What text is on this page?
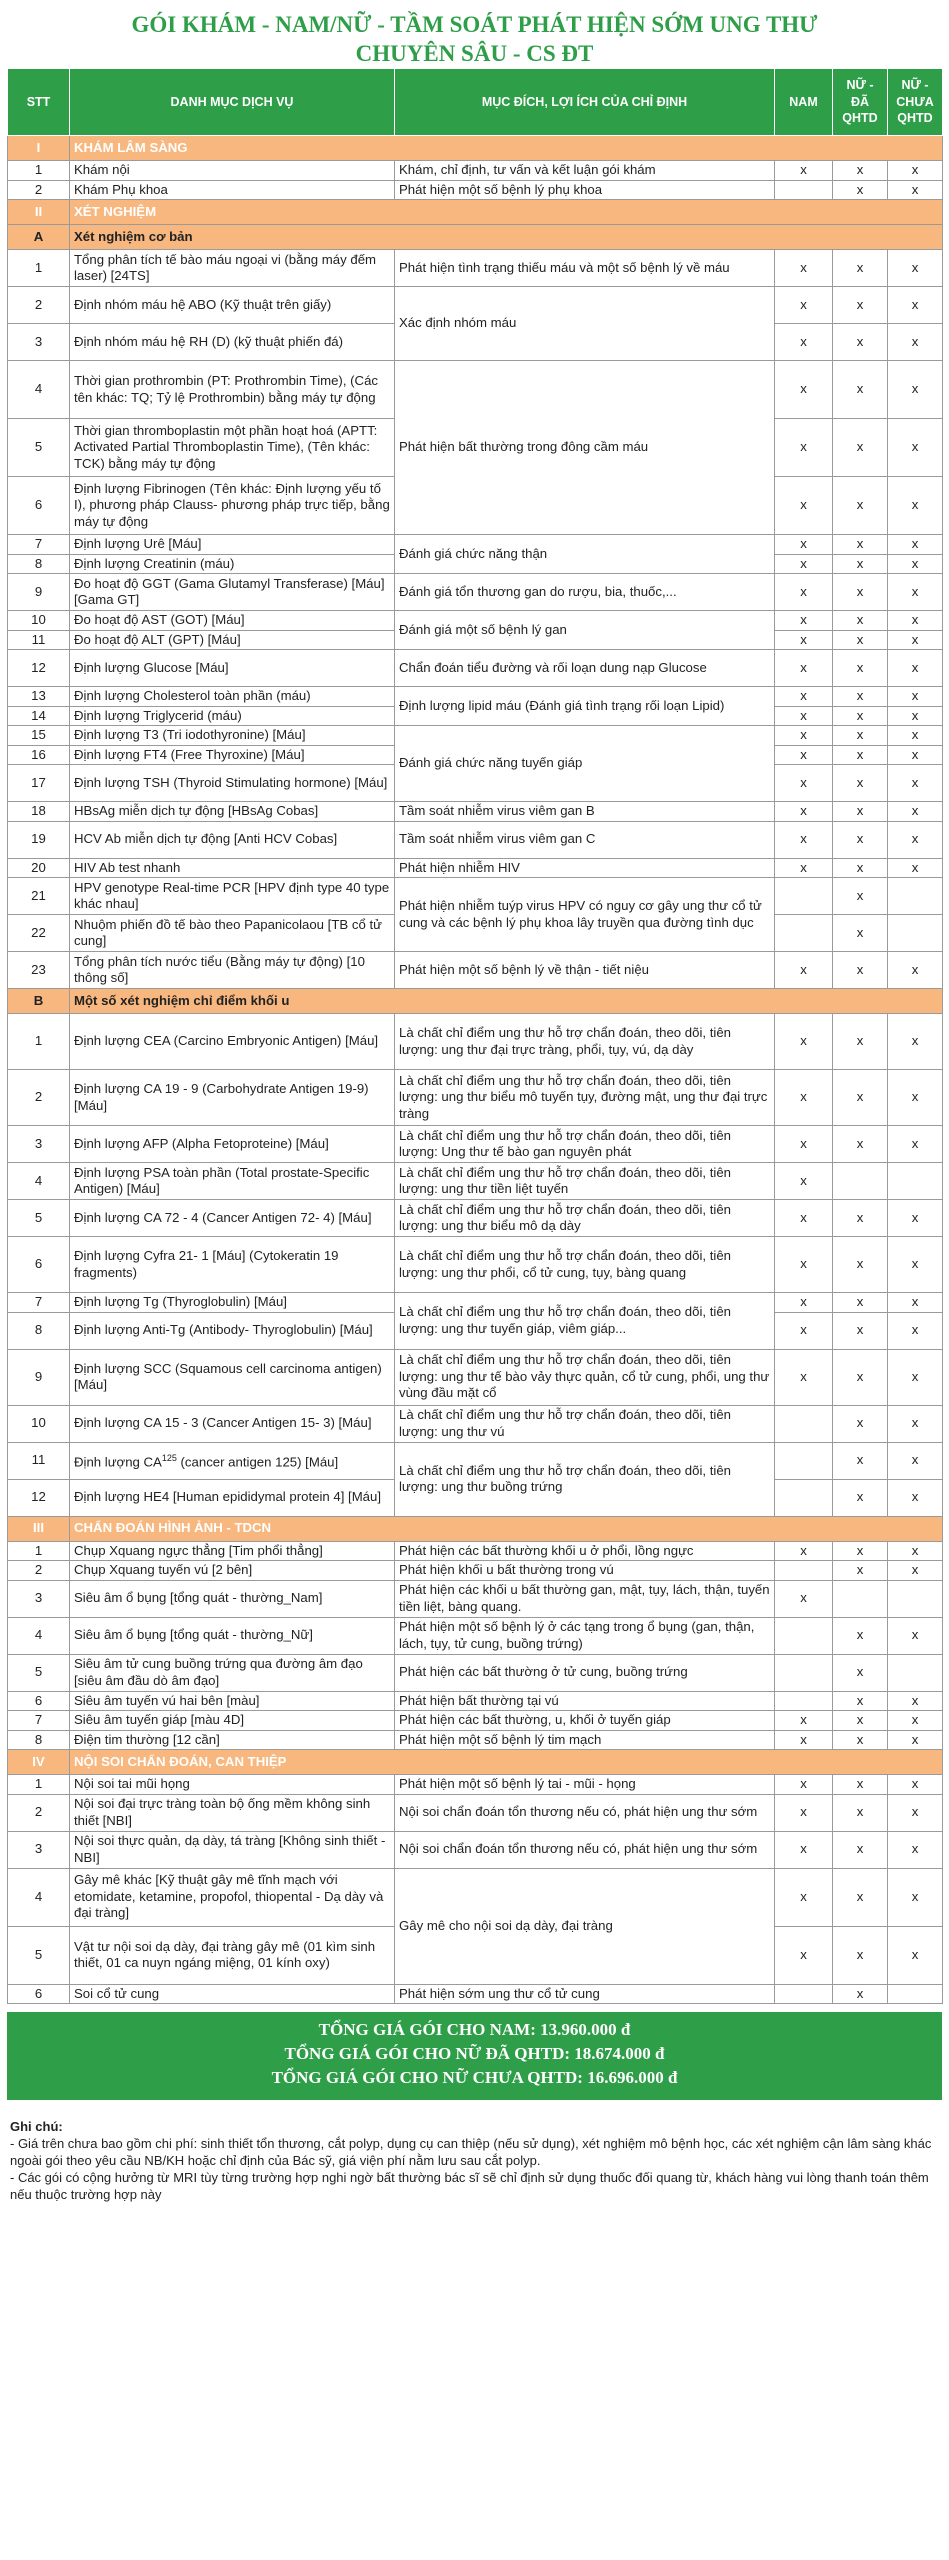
GÓI KHÁM - NAM/NỮ - TẦM SOÁT PHÁT HIỆN SỚM UNG THƯ
CHUYÊN SÂU - CS ĐT
STT	DANH MỤC DỊCH VỤ	MỤC ĐÍCH, LỢI ÍCH CỦA CHỈ ĐỊNH	NAM	NỮ - ĐÃ QHTD	NỮ - CHƯA QHTD
I	KHÁM LÂM SÀNG				
1	Khám nội	Khám, chỉ định, tư vấn và kết luận gói khám	x	x	x
2	Khám Phụ khoa	Phát hiện một số bệnh lý phụ khoa		x	x
II	XÉT NGHIỆM				
A	Xét nghiệm cơ bản				
1	Tổng phân tích tế bào máu ngoại vi (bằng máy đếm laser) [24TS]	Phát hiện tình trạng thiếu máu và một số bệnh lý về máu	x	x	x
2	Định nhóm máu hệ ABO (Kỹ thuật trên giấy)	Xác định nhóm máu	x	x	x
3	Định nhóm máu hệ RH (D) (kỹ thuật phiến đá)		x	x	x
4	Thời gian prothrombin (PT: Prothrombin Time), (Các tên khác: TQ; Tỷ lệ Prothrombin) bằng máy tự động	Phát hiện bất thường trong đông cầm máu	x	x	x
5	Thời gian thromboplastin một phần hoạt hoá (APTT: Activated Partial Thromboplastin Time), (Tên khác: TCK) bằng máy tự động		x	x	x
6	Định lượng Fibrinogen (Tên khác: Định lượng yếu tố I), phương pháp Clauss- phương pháp trực tiếp, bằng máy tự động		x	x	x
7	Định lượng Urê [Máu]	Đánh giá chức năng thận	x	x	x
8	Định lượng Creatinin (máu)		x	x	x
9	Đo hoạt độ GGT (Gama Glutamyl Transferase) [Máu] [Gama GT]	Đánh giá tổn thương gan do rượu, bia, thuốc,...	x	x	x
10	Đo hoạt độ AST (GOT) [Máu]	Đánh giá một số bệnh lý gan	x	x	x
11	Đo hoạt độ ALT (GPT) [Máu]		x	x	x
12	Định lượng Glucose [Máu]	Chẩn đoán tiểu đường và rối loạn dung nạp Glucose	x	x	x
13	Định lượng Cholesterol toàn phần (máu)	Định lượng lipid máu (Đánh giá tình trạng rối loạn Lipid)	x	x	x
14	Định lượng Triglycerid (máu)		x	x	x
15	Định lượng T3 (Tri iodothyronine) [Máu]	Đánh giá chức năng tuyến giáp	x	x	x
16	Định lượng FT4 (Free Thyroxine) [Máu]		x	x	x
17	Định lượng TSH (Thyroid Stimulating hormone) [Máu]		x	x	x
18	HBsAg miễn dịch tự động [HBsAg Cobas]	Tầm soát nhiễm virus viêm gan B	x	x	x
19	HCV Ab miễn dịch tự động [Anti HCV Cobas]	Tầm soát nhiễm virus viêm gan C	x	x	x
20	HIV Ab test nhanh	Phát hiện nhiễm HIV	x	x	x
21	HPV genotype Real-time PCR [HPV định type 40 type khác nhau]	Phát hiện nhiễm tuýp virus HPV có nguy cơ gây ung thư cổ tử cung và các bệnh lý phụ khoa lây truyền qua đường tình dục		x	
22	Nhuộm phiến đồ tế bào theo Papanicolaou [TB cổ tử cung]			x	
23	Tổng phân tích nước tiểu (Bằng máy tự động) [10 thông số]	Phát hiện một số bệnh lý về thận - tiết niệu	x	x	x
B	Một số xét nghiệm chỉ điểm khối u				
1	Định lượng CEA (Carcino Embryonic Antigen) [Máu]	Là chất chỉ điểm ung thư hỗ trợ chẩn đoán, theo dõi, tiên lượng: ung thư đại trực tràng, phổi, tụy, vú, dạ dày	x	x	x
2	Định lượng CA 19 - 9 (Carbohydrate Antigen 19-9) [Máu]	Là chất chỉ điểm ung thư hỗ trợ chẩn đoán, theo dõi, tiên lượng: ung thư biểu mô tuyến tụy, đường mật, ung thư đại trực tràng	x	x	x
3	Định lượng AFP (Alpha Fetoproteine) [Máu]	Là chất chỉ điểm ung thư hỗ trợ chẩn đoán, theo dõi, tiên lượng: Ung thư tế bào gan nguyên phát	x	x	x
4	Định lượng PSA toàn phần (Total prostate-Specific Antigen) [Máu]	Là chất chỉ điểm ung thư hỗ trợ chẩn đoán, theo dõi, tiên lượng: ung thư tiền liệt tuyến	x		
5	Định lượng CA 72 - 4 (Cancer Antigen 72- 4) [Máu]	Là chất chỉ điểm ung thư hỗ trợ chẩn đoán, theo dõi, tiên lượng: ung thư biểu mô dạ dày	x	x	x
6	Định lượng Cyfra 21- 1 [Máu] (Cytokeratin 19 fragments)	Là chất chỉ điểm ung thư hỗ trợ chẩn đoán, theo dõi, tiên lượng: ung thư phổi, cổ tử cung, tụy, bàng quang	x	x	x
7	Định lượng Tg (Thyroglobulin) [Máu]	Là chất chỉ điểm ung thư hỗ trợ chẩn đoán, theo dõi, tiên lượng: ung thư tuyến giáp, viêm giáp...	x	x	x
8	Định lượng Anti-Tg (Antibody- Thyroglobulin) [Máu]		x	x	x
9	Định lượng SCC (Squamous cell carcinoma antigen) [Máu]	Là chất chỉ điểm ung thư hỗ trợ chẩn đoán, theo dõi, tiên lượng: ung thư tế bào vảy thực quản, cổ tử cung, phổi, ung thư vùng đầu mặt cổ	x	x	x
10	Định lượng CA 15 - 3 (Cancer Antigen 15- 3) [Máu]	Là chất chỉ điểm ung thư hỗ trợ chẩn đoán, theo dõi, tiên lượng: ung thư vú		x	x
11	Định lượng CA$^{125}$ (cancer antigen 125) [Máu]	Là chất chỉ điểm ung thư hỗ trợ chẩn đoán, theo dõi, tiên lượng: ung thư buồng trứng		x	x
12	Định lượng HE4 [Human epididymal protein 4] [Máu]			x	x
III	CHẨN ĐOÁN HÌNH ẢNH - TDCN				
1	Chụp Xquang ngực thẳng [Tim phổi thẳng]	Phát hiện các bất thường khối u ở phổi, lồng ngực	x	x	x
2	Chụp Xquang tuyến vú [2 bên]	Phát hiện khối u bất thường trong vú		x	x
3	Siêu âm ổ bụng [tổng quát - thường_Nam]	Phát hiện các khối u bất thường gan, mật, tụy, lách, thận, tuyến tiền liệt, bàng quang.	x		
4	Siêu âm ổ bụng [tổng quát - thường_Nữ]	Phát hiện một số bệnh lý ở các tạng trong ổ bụng (gan, thận, lách, tụy, tử cung, buồng trứng)		x	x
5	Siêu âm tử cung buồng trứng qua đường âm đạo [siêu âm đầu dò âm đạo]	Phát hiện các bất thường ở tử cung, buồng trứng		x	
6	Siêu âm tuyến vú hai bên [màu]	Phát hiện bất thường tại vú		x	x
7	Siêu âm tuyến giáp [màu 4D]	Phát hiện các bất thường, u, khối ở tuyến giáp	x	x	x
8	Điện tim thường [12 cần]	Phát hiện một số bệnh lý tim mạch	x	x	x
IV	NỘI SOI CHẨN ĐOÁN, CAN THIỆP				
1	Nội soi tai mũi họng	Phát hiện một số bệnh lý tai - mũi - họng	x	x	x
2	Nội soi đại trực tràng toàn bộ ống mềm không sinh thiết [NBI]	Nội soi chẩn đoán tổn thương nếu có, phát hiện ung thư sớm	x	x	x
3	Nội soi thực quản, dạ dày, tá tràng [Không sinh thiết - NBI]	Nội soi chẩn đoán tổn thương nếu có, phát hiện ung thư sớm	x	x	x
4	Gây mê khác [Kỹ thuật gây mê tĩnh mạch với etomidate, ketamine, propofol, thiopental - Dạ dày và đại tràng]	Gây mê cho nội soi dạ dày, đại tràng	x	x	x
5	Vật tư nội soi dạ dày, đại tràng gây mê (01 kìm sinh thiết, 01 ca nuyn ngáng miệng, 01 kính oxy)		x	x	x
6	Soi cổ tử cung	Phát hiện sớm ung thư cổ tử cung		x	
TỔNG GIÁ GÓI CHO NAM: 13.960.000 đ
TỔNG GIÁ GÓI CHO NỮ ĐÃ QHTD: 18.674.000 đ
TỔNG GIÁ GÓI CHO NỮ CHƯA QHTD: 16.696.000 đ
Ghi chú:
- Giá trên chưa bao gồm chi phí: sinh thiết tổn thương, cắt polyp, dụng cụ can thiệp (nếu sử dụng), xét nghiệm mô bệnh học, các xét nghiệm cận lâm sàng khác ngoài gói theo yêu cầu NB/KH hoặc chỉ định của Bác sỹ, giá viện phí nằm lưu sau cắt polyp.
- Các gói có cộng hưởng từ MRI tùy từng trường hợp nghi ngờ bất thường bác sĩ sẽ chỉ định sử dụng thuốc đối quang từ, khách hàng vui lòng thanh toán thêm nếu thuộc trường hợp này
